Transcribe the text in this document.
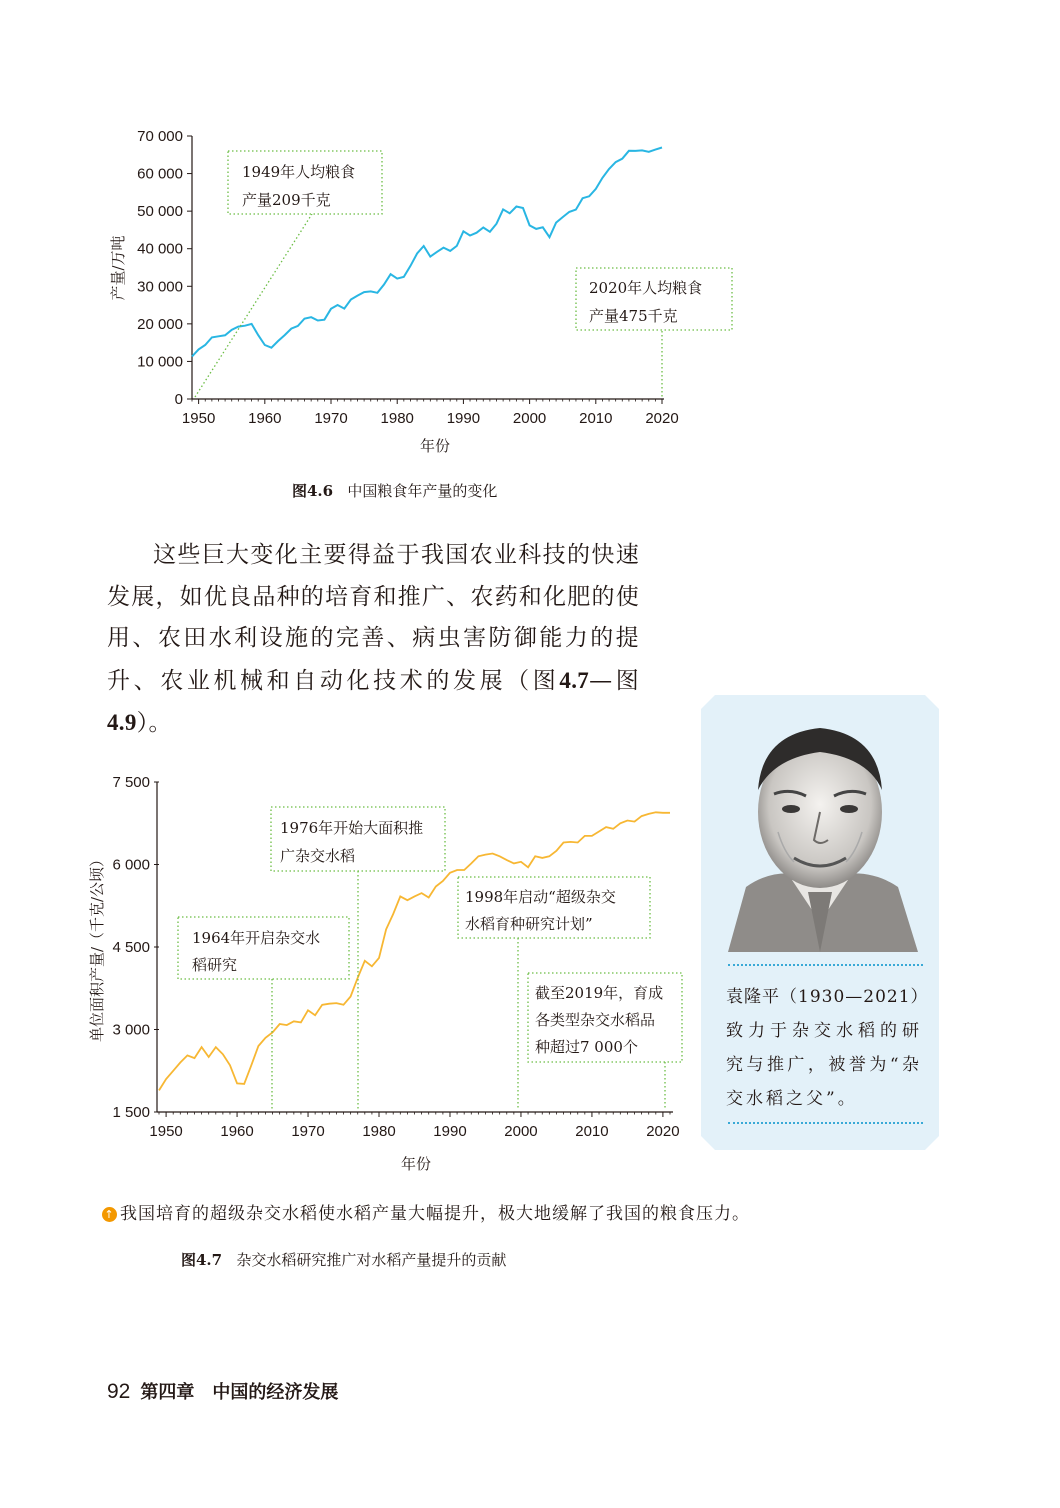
1950 1960 1970 1980 1990 2000 2010 2020
0
10 000
20 000
30 000
40 000
50 000
60 000
70 000
1949年人均粮食
产量209千克
2020年人均粮食
产量475千克
产量/万吨
年份
图4.6 中国粮食年产量的变化

这些巨大变化主要得益于我国农业科技的快速发展，如优良品种的培育和推广、农药和化肥的使用、农田水利设施的完善、病虫害防御能力的提升、农业机械和自动化技术的发展（图4.7—图4.9）。

袁隆平（1930—2021）
致力于杂交水稻的研究与推广，被誉为“杂交水稻之父”。
1950	1960	1970	1980	1990	2000	2010	2020
1 500
3 000
4 500
6 000
7 500
1976年开始大面积推
广杂交水稻
1964年开启杂交水
稻研究
1998年启动“超级杂交
水稻育种研究计划”
截至2019年，育成
各类型杂交水稻品
种超过7 000个
单位面积产量/（千克/公顷）
年份
↑ 我国培育的超级杂交水稻使水稻产量大幅提升，极大地缓解了我国的粮食压力。
图4.7 杂交水稻研究推广对水稻产量提升的贡献
92 第四章　中国的经济发展
